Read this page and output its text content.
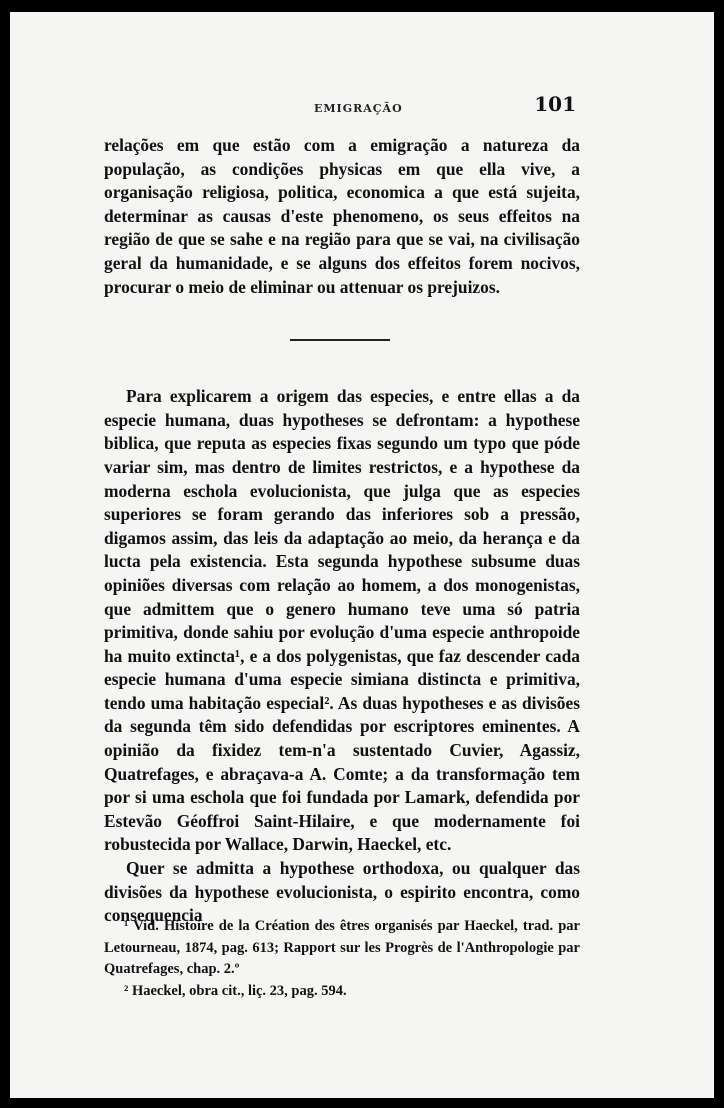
EMIGRAÇÃO	101

relações em que estão com a emigração a natureza da população, as condições physicas em que ella vive, a organisação religiosa, politica, economica a que está sujeita, determinar as causas d'este phenomeno, os seus effeitos na região de que se sahe e na região para que se vai, na civilisação geral da humanidade, e se alguns dos effeitos forem nocivos, procurar o meio de eliminar ou attenuar os prejuizos.

Para explicarem a origem das especies, e entre ellas a da especie humana, duas hypotheses se defrontam: a hypothese biblica, que reputa as especies fixas segundo um typo que póde variar sim, mas dentro de limites restrictos, e a hypothese da moderna eschola evolucionista, que julga que as especies superiores se foram gerando das inferiores sob a pressão, digamos assim, das leis da adaptação ao meio, da herança e da lucta pela existencia. Esta segunda hypothese subsume duas opiniões diversas com relação ao homem, a dos monogenistas, que admittem que o genero humano teve uma só patria primitiva, donde sahiu por evolução d'uma especie anthropoide ha muito extincta¹, e a dos polygenistas, que faz descender cada especie humana d'uma especie simiana distincta e primitiva, tendo uma habitação especial². As duas hypotheses e as divisões da segunda têm sido defendidas por escriptores eminentes. A opinião da fixidez tem-n'a sustentado Cuvier, Agassiz, Quatrefages, e abraçava-a A. Comte; a da transformação tem por si uma eschola que foi fundada por Lamark, defendida por Estevão Géoffroi Saint-Hilaire, e que modernamente foi robustecida por Wallace, Darwin, Haeckel, etc.

Quer se admitta a hypothese orthodoxa, ou qualquer das divisões da hypothese evolucionista, o espirito encontra, como consequencia

¹ Vid. Histoire de la Création des êtres organisés par Haeckel, trad. par Letourneau, 1874, pag. 613; Rapport sur les Progrès de l'Anthropologie par Quatrefages, chap. 2.º

² Haeckel, obra cit., liç. 23, pag. 594.
